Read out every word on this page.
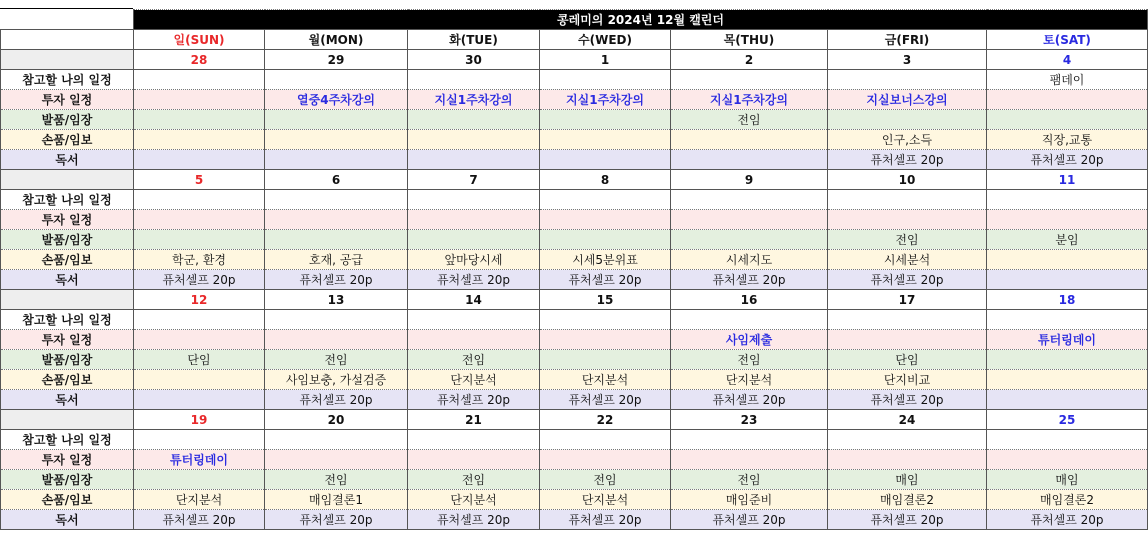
	콩레미의 2024년 12월 캘린더						
	일(SUN)	월(MON)	화(TUE)	수(WED)	목(THU)	금(FRI)	토(SAT)
	28	29	30	1	2	3	4
참고할 나의 일정							팸데이
투자 일정		열중4주차강의	지실1주차강의	지실1주차강의	지실1주차강의	지실보너스강의	
발품/임장					전임		
손품/임보						인구,소득	직장,교통
독서						퓨처셀프 20p	퓨처셀프 20p
	5	6	7	8	9	10	11
참고할 나의 일정							
투자 일정							
발품/임장						전임	분임
손품/임보	학군, 환경	호재, 공급	앞마당시세	시세5분위표	시세지도	시세분석	
독서	퓨처셀프 20p	퓨처셀프 20p	퓨처셀프 20p	퓨처셀프 20p	퓨처셀프 20p	퓨처셀프 20p	
	12	13	14	15	16	17	18
참고할 나의 일정							
투자 일정					사임제출		튜터링데이
발품/임장	단임	전임	전임		전임	단임	
손품/임보		사임보충, 가설검증	단지분석	단지분석	단지분석	단지비교	
독서		퓨처셀프 20p	퓨처셀프 20p	퓨처셀프 20p	퓨처셀프 20p	퓨처셀프 20p	
	19	20	21	22	23	24	25
참고할 나의 일정							
투자 일정	튜터링데이						
발품/임장		전임	전임	전임	전임	매임	매임
손품/임보	단지분석	매임결론1	단지분석	단지분석	매임준비	매임결론2	매임결론2
독서	퓨처셀프 20p	퓨처셀프 20p	퓨처셀프 20p	퓨처셀프 20p	퓨처셀프 20p	퓨처셀프 20p	퓨처셀프 20p
